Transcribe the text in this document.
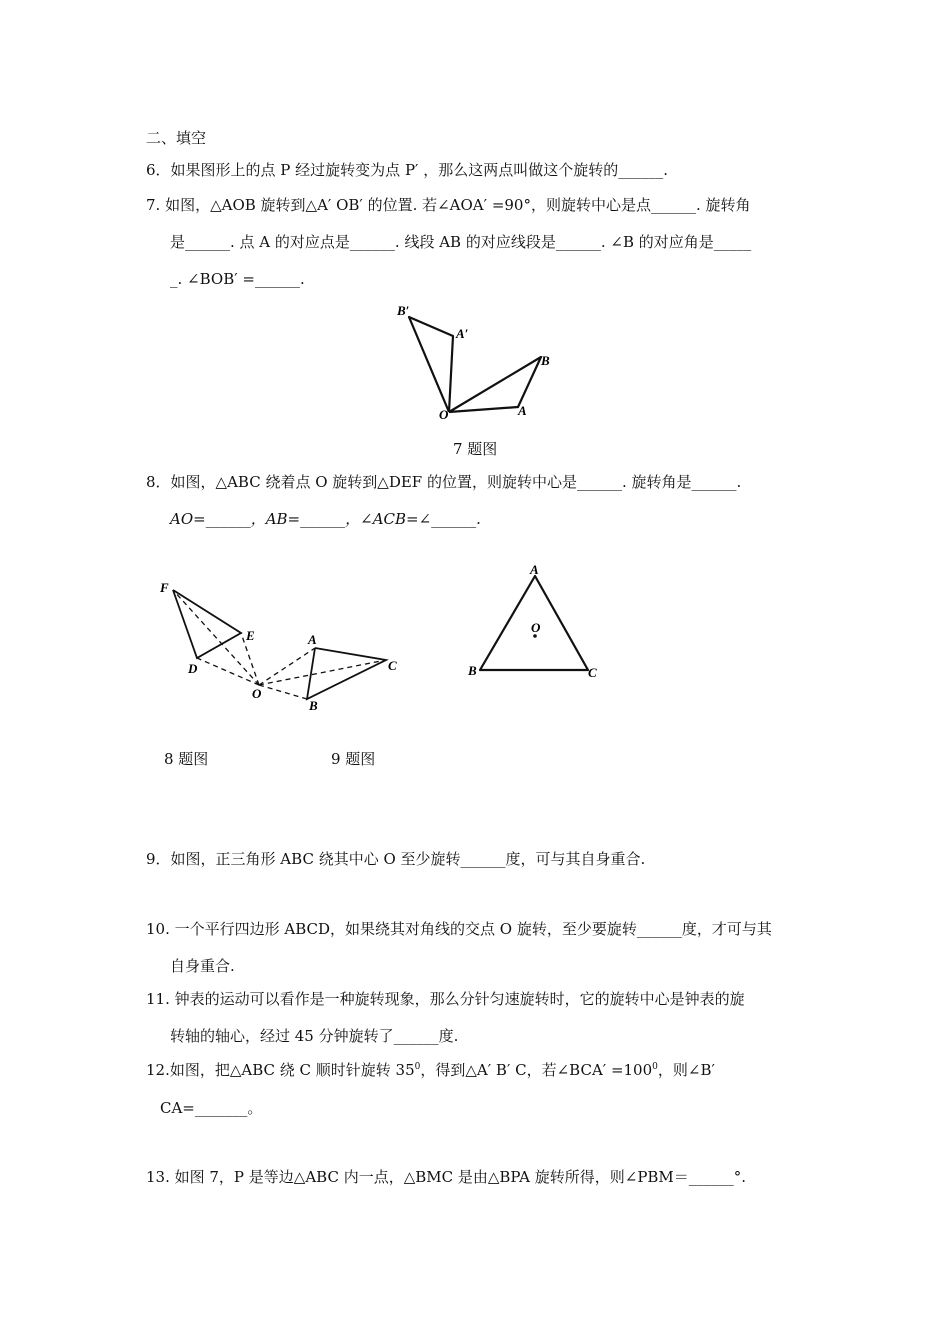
二、填空
6．如果图形上的点 P 经过旋转变为点 P′ ，那么这两点叫做这个旋转的______.
7. 如图，△AOB 旋转到△A′ OB′ 的位置. 若∠AOA′ =90°，则旋转中心是点______. 旋转角
是______. 点 A 的对应点是______. 线段 AB 的对应线段是______. ∠B 的对应角是_____
_. ∠BOB′ =______.
B′
A′
B
O	A
7 题图
8．如图，△ABC 绕着点 O 旋转到△DEF 的位置，则旋转中心是______. 旋转角是______.
AO=______，AB=______，∠ACB=∠______.
F
E
D
O
A
B
C
A
O
B	C
8 题图	9 题图
9．如图，正三角形 ABC 绕其中心 O 至少旋转______度，可与其自身重合.
10. 一个平行四边形 ABCD，如果绕其对角线的交点 O 旋转，至少要旋转______度，才可与其
自身重合.
11. 钟表的运动可以看作是一种旋转现象，那么分针匀速旋转时，它的旋转中心是钟表的旋
转轴的轴心，经过 45 分钟旋转了______度.
12.如图，把△ABC 绕 C 顺时针旋转 $35^0$，得到△A′ B′ C，若∠BCA′ $=100^0$，则∠B′
CA=_______。
13. 如图 7，P 是等边△ABC 内一点，△BMC 是由△BPA 旋转所得，则∠PBM＝______°.
